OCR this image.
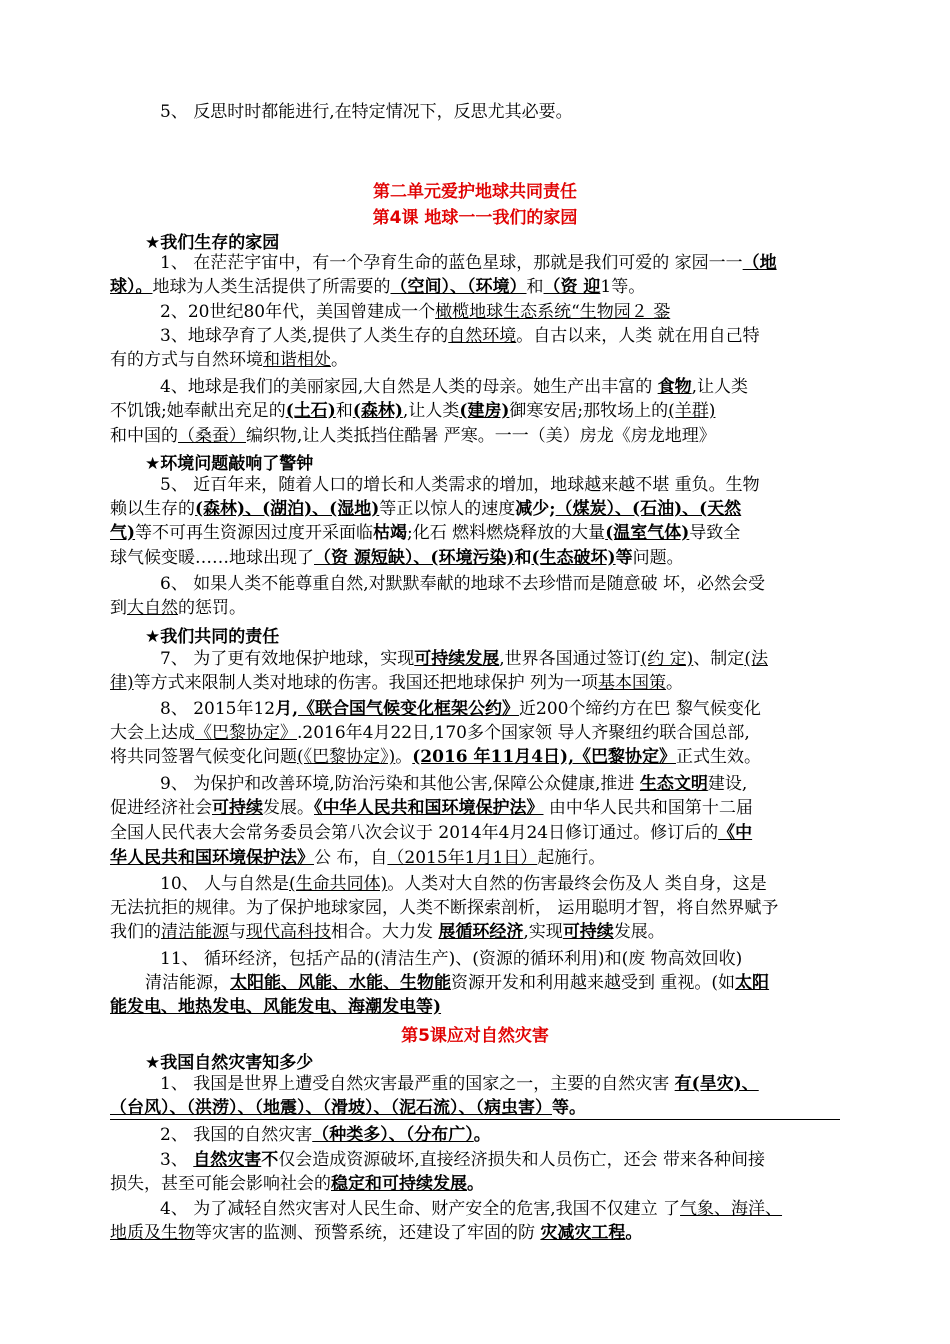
5、 反思时时都能进行,在特定情况下，反思尤其必要。
第二单元爱护地球共同责任
第4课 地球一一我们的家园
★我们生存的家园
1、 在茫茫宇宙中，有一个孕育生命的蓝色星球，那就是我们可爱的 家园一一（地
球）。地球为人类生活提供了所需要的（空间）、（环境）和（资 迎1等。
2、20世纪80年代，美国曾建成一个橄榄地球生态系统“生物园２ 銎
3、地球孕育了人类,提供了人类生存的自然环境。自古以来，人类 就在用自己特
有的方式与自然环境和谐相处。
4、地球是我们的美丽家园,大自然是人类的母亲。她生产出丰富的 食物,让人类
不饥饿;她奉献出充足的(土石)和(森林),让人类(建房)御寒安居;那牧场上的(羊群)
和中国的（桑蚕）编织物,让人类抵挡住酷暑 严寒。一一（美）房龙《房龙地理》
★环境问题敲响了警钟
5、 近百年来，随着人口的增长和人类需求的增加，地球越来越不堪 重负。生物
赖以生存的(森林)、(湖泊)、(湿地)等正以惊人的速度减少;（煤炭）、(石油)、(天然
气)等不可再生资源因过度开采面临枯竭;化石 燃料燃烧释放的大量(温室气体)导致全
球气候变暖……地球出现了（资 源短缺）、(环境污染)和(生态破坏)等问题。
6、 如果人类不能尊重自然,对默默奉献的地球不去珍惜而是随意破 坏，必然会受
到大自然的惩罚。
★我们共同的责任
7、 为了更有效地保护地球，实现可持续发展,世界各国通过签订(约 定)、制定(法
律)等方式来限制人类对地球的伤害。我国还把地球保护 列为一项基本国策。
8、 2015年12月,《联合国气候变化框架公约》近200个缔约方在巴 黎气候变化
大会上达成《巴黎协定》.2016年4月22日,170多个国家领 导人齐聚纽约联合国总部,
将共同签署气候变化问题(《巴黎协定》)。(2016 年11月4日),《巴黎协定》正式生效。
9、 为保护和改善环境,防治污染和其他公害,保障公众健康,推进 生态文明建设,
促进经济社会可持续发展。《中华人民共和国环境保护法》 由中华人民共和国第十二届
全国人民代表大会常务委员会第八次会议于 2014年4月24日修订通过。修订后的《中
华人民共和国环境保护法》公 布，自（2015年1月1日）起施行。
10、 人与自然是(生命共同体)。人类对大自然的伤害最终会伤及人 类自身，这是
无法抗拒的规律。为了保护地球家园，人类不断探索剖析， 运用聪明才智，将自然界赋予
我们的清洁能源与现代高科技相合。大力发 展循环经济,实现可持续发展。
11、 循环经济，包括产品的(清洁生产)、(资源的循环利用)和(废 物高效回收)
清洁能源，太阳能、风能、水能、生物能资源开发和利用越来越受到 重视。(如太阳
能发电、地热发电、风能发电、海潮发电等)
第5课应对自然灾害
★我国自然灾害知多少
1、 我国是世界上遭受自然灾害最严重的国家之一，主要的自然灾害 有(旱灾)、
（台风）、（洪涝）、（地震）、（滑坡）、（泥石流）、（病虫害）等。
2、 我国的自然灾害（种类多）、（分布广）。
3、 自然灾害不仅会造成资源破坏,直接经济损失和人员伤亡，还会 带来各种间接
损失，甚至可能会影响社会的稳定和可持续发展。
4、 为了减轻自然灾害对人民生命、财产安全的危害,我国不仅建立 了气象、海洋、
地质及生物等灾害的监测、预警系统，还建设了牢固的防 灾减灾工程。
